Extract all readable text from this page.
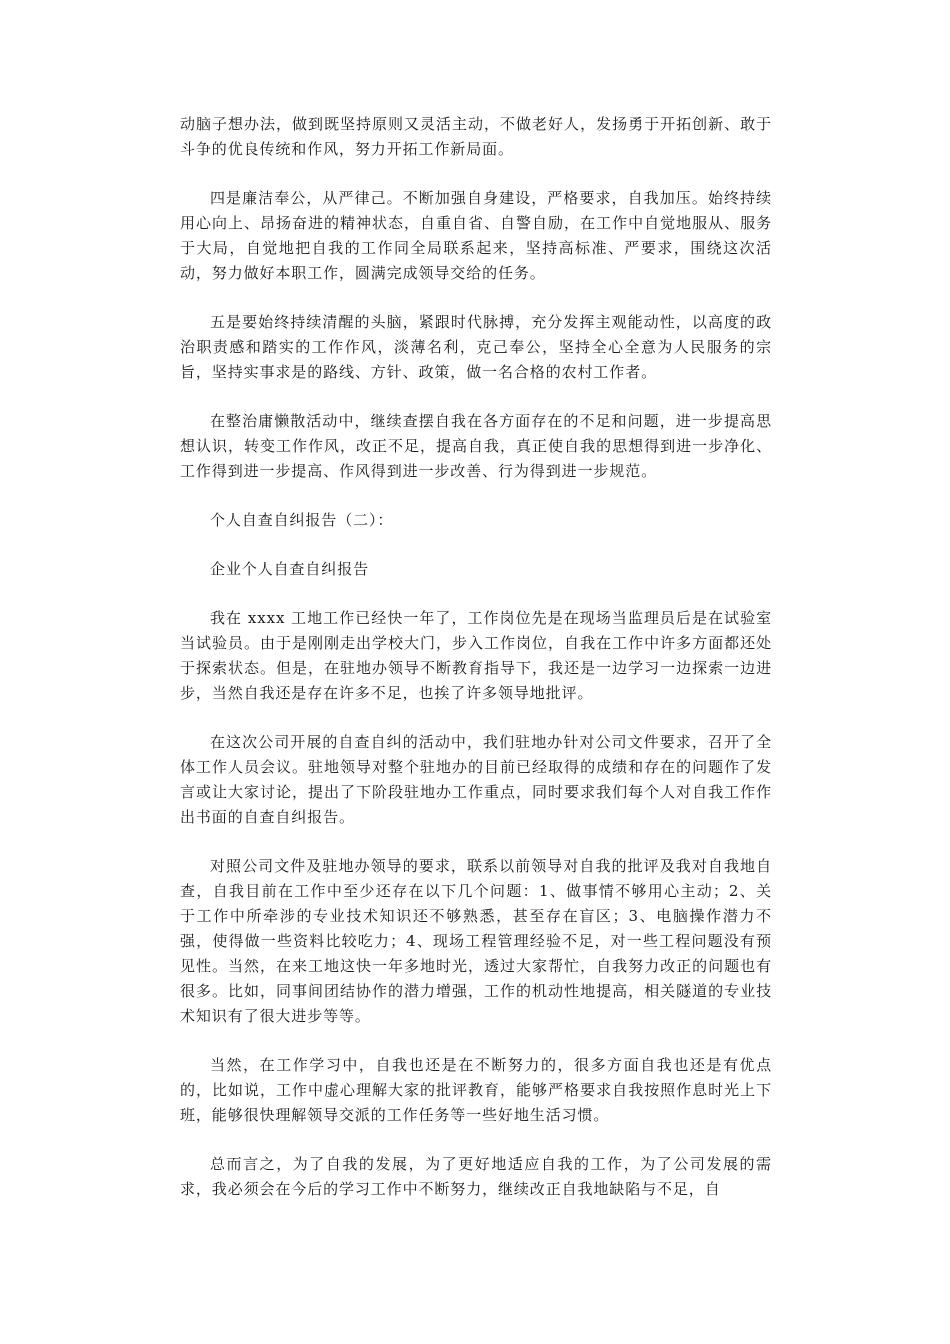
动脑子想办法，做到既坚持原则又灵活主动，不做老好人，发扬勇于开拓创新、敢于斗争的优良传统和作风，努力开拓工作新局面。

四是廉洁奉公，从严律己。不断加强自身建设，严格要求，自我加压。始终持续用心向上、昂扬奋进的精神状态，自重自省、自警自励，在工作中自觉地服从、服务于大局，自觉地把自我的工作同全局联系起来，坚持高标准、严要求，围绕这次活动，努力做好本职工作，圆满完成领导交给的任务。

五是要始终持续清醒的头脑，紧跟时代脉搏，充分发挥主观能动性，以高度的政治职责感和踏实的工作作风，淡薄名利，克己奉公，坚持全心全意为人民服务的宗旨，坚持实事求是的路线、方针、政策，做一名合格的农村工作者。

在整治庸懒散活动中，继续查摆自我在各方面存在的不足和问题，进一步提高思想认识，转变工作作风，改正不足，提高自我，真正使自我的思想得到进一步净化、工作得到进一步提高、作风得到进一步改善、行为得到进一步规范。

个人自查自纠报告（二）：

企业个人自查自纠报告

我在 xxxx 工地工作已经快一年了，工作岗位先是在现场当监理员后是在试验室当试验员。由于是刚刚走出学校大门，步入工作岗位，自我在工作中许多方面都还处于探索状态。但是，在驻地办领导不断教育指导下，我还是一边学习一边探索一边进步，当然自我还是存在许多不足，也挨了许多领导地批评。

在这次公司开展的自查自纠的活动中，我们驻地办针对公司文件要求，召开了全体工作人员会议。驻地领导对整个驻地办的目前已经取得的成绩和存在的问题作了发言或让大家讨论，提出了下阶段驻地办工作重点，同时要求我们每个人对自我工作作出书面的自查自纠报告。

对照公司文件及驻地办领导的要求，联系以前领导对自我的批评及我对自我地自查，自我目前在工作中至少还存在以下几个问题：1、做事情不够用心主动；2、关于工作中所牵涉的专业技术知识还不够熟悉，甚至存在盲区；3、电脑操作潜力不强，使得做一些资料比较吃力；4、现场工程管理经验不足，对一些工程问题没有预见性。当然，在来工地这快一年多地时光，透过大家帮忙，自我努力改正的问题也有很多。比如，同事间团结协作的潜力增强，工作的机动性地提高，相关隧道的专业技术知识有了很大进步等等。

当然，在工作学习中，自我也还是在不断努力的，很多方面自我也还是有优点的，比如说，工作中虚心理解大家的批评教育，能够严格要求自我按照作息时光上下班，能够很快理解领导交派的工作任务等一些好地生活习惯。

总而言之，为了自我的发展，为了更好地适应自我的工作，为了公司发展的需求，我必须会在今后的学习工作中不断努力，继续改正自我地缺陷与不足，自
